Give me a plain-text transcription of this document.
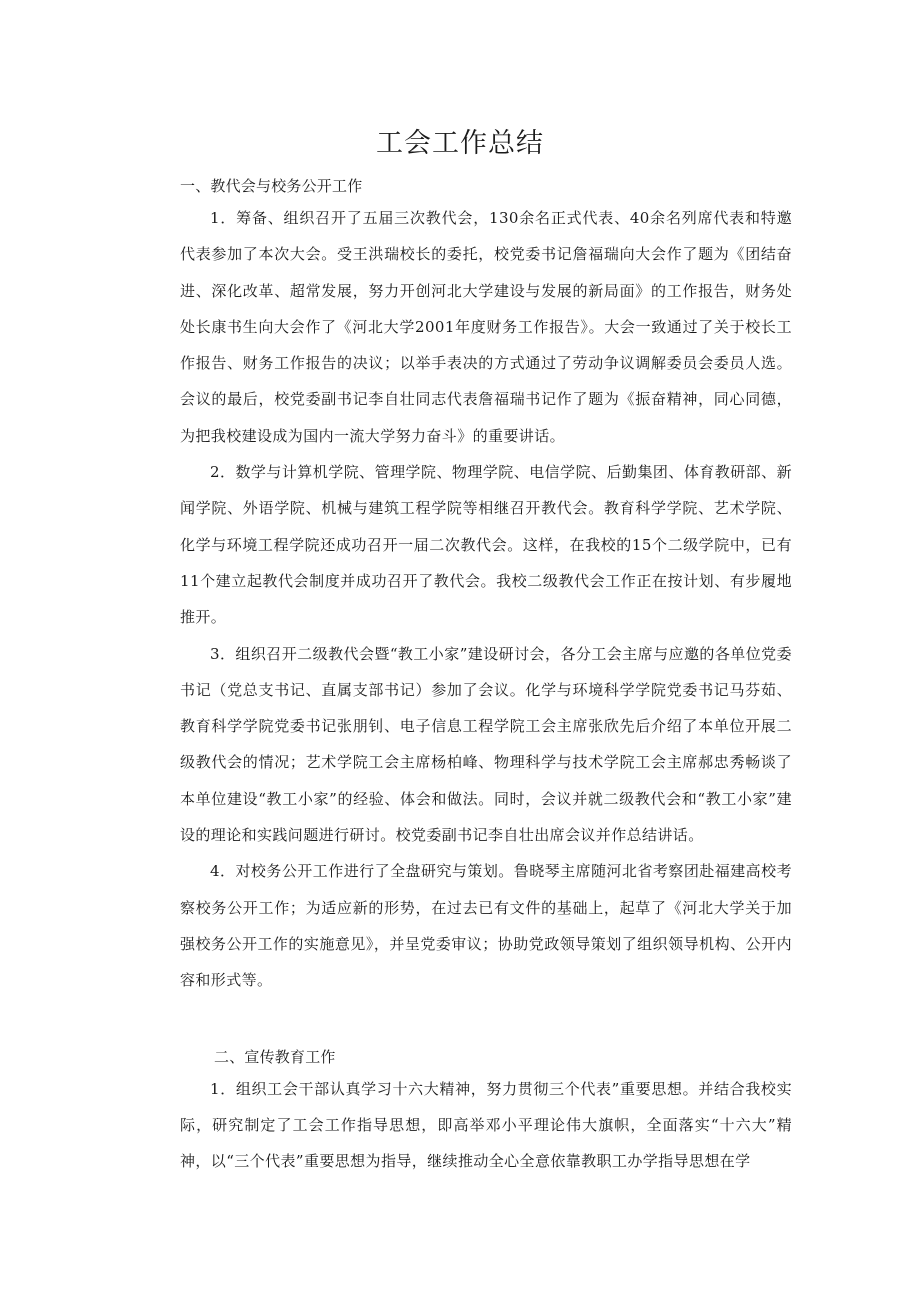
工会工作总结
一、教代会与校务公开工作

1．筹备、组织召开了五届三次教代会，130余名正式代表、40余名列席代表和特邀代表参加了本次大会。受王洪瑞校长的委托，校党委书记詹福瑞向大会作了题为《团结奋进、深化改革、超常发展，努力开创河北大学建设与发展的新局面》的工作报告，财务处处长康书生向大会作了《河北大学2001年度财务工作报告》。大会一致通过了关于校长工作报告、财务工作报告的决议；以举手表决的方式通过了劳动争议调解委员会委员人选。会议的最后，校党委副书记李自壮同志代表詹福瑞书记作了题为《振奋精神，同心同德，为把我校建设成为国内一流大学努力奋斗》的重要讲话。

2．数学与计算机学院、管理学院、物理学院、电信学院、后勤集团、体育教研部、新闻学院、外语学院、机械与建筑工程学院等相继召开教代会。教育科学学院、艺术学院、化学与环境工程学院还成功召开一届二次教代会。这样，在我校的15个二级学院中，已有11个建立起教代会制度并成功召开了教代会。我校二级教代会工作正在按计划、有步履地推开。

3．组织召开二级教代会暨“教工小家”建设研讨会，各分工会主席与应邀的各单位党委书记（党总支书记、直属支部书记）参加了会议。化学与环境科学学院党委书记马芬茹、教育科学学院党委书记张朋钊、电子信息工程学院工会主席张欣先后介绍了本单位开展二级教代会的情况；艺术学院工会主席杨柏峰、物理科学与技术学院工会主席郝忠秀畅谈了本单位建设“教工小家”的经验、体会和做法。同时，会议并就二级教代会和“教工小家”建设的理论和实践问题进行研讨。校党委副书记李自壮出席会议并作总结讲话。

4．对校务公开工作进行了全盘研究与策划。鲁晓琴主席随河北省考察团赴福建高校考察校务公开工作；为适应新的形势，在过去已有文件的基础上，起草了《河北大学关于加强校务公开工作的实施意见》，并呈党委审议；协助党政领导策划了组织领导机构、公开内容和形式等。

二、宣传教育工作

1．组织工会干部认真学习十六大精神，努力贯彻三个代表”重要思想。并结合我校实际，研究制定了工会工作指导思想，即高举邓小平理论伟大旗帜，全面落实“十六大”精神，以“三个代表”重要思想为指导，继续推动全心全意依靠教职工办学指导思想在学
